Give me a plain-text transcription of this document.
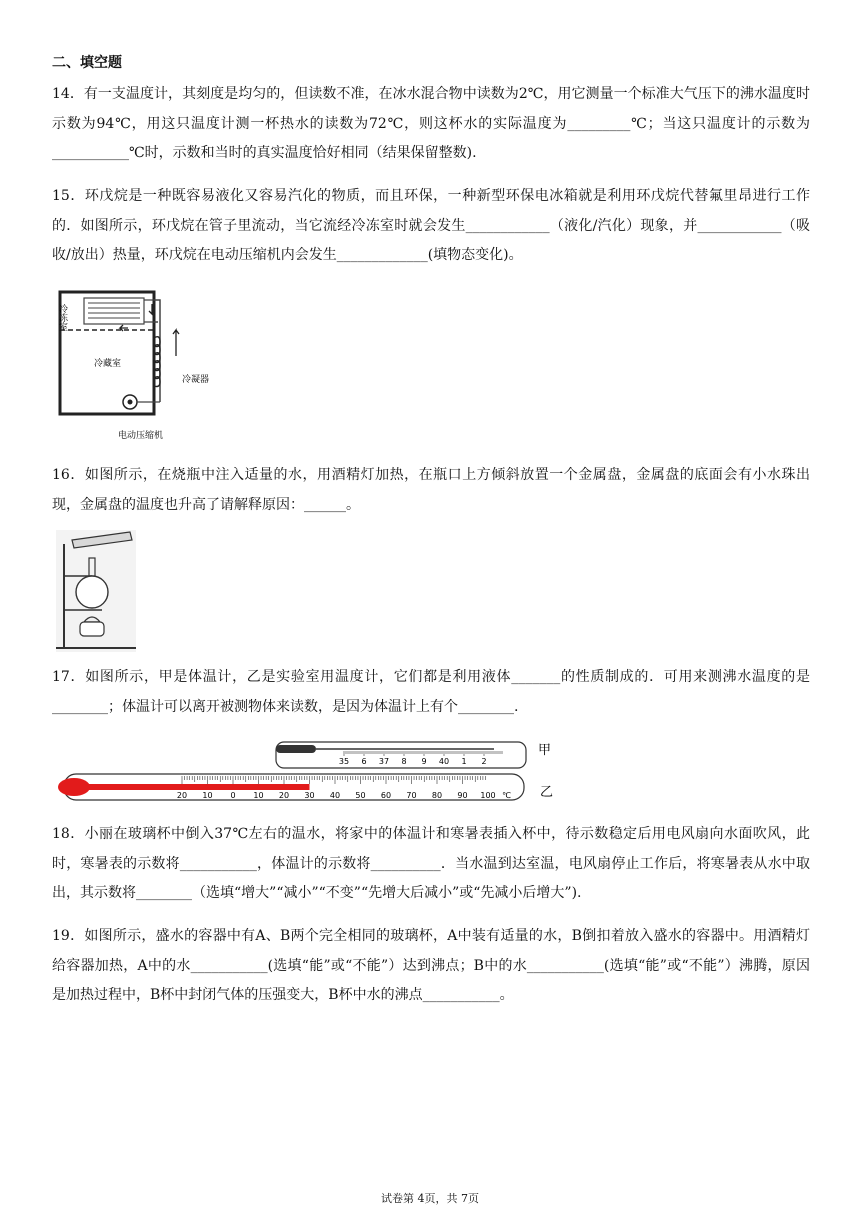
二、填空题
14．有一支温度计，其刻度是均匀的，但读数不准，在冰水混合物中读数为2℃，用它测量一个标准大气压下的沸水温度时示数为94℃，用这只温度计测一杯热水的读数为72℃，则这杯水的实际温度为_________℃；当这只温度计的示数为___________℃时，示数和当时的真实温度恰好相同（结果保留整数).
15．环戊烷是一种既容易液化又容易汽化的物质，而且环保，一种新型环保电冰箱就是利用环戊烷代替氟里昂进行工作的．如图所示，环戊烷在管子里流动，当它流经冷冻室时就会发生____________（液化/汽化）现象，并____________（吸收/放出）热量，环戊烷在电动压缩机内会发生_____________(填物态变化)。
冷冻室
冷藏室
冷凝器
电动压缩机
16．如图所示，在烧瓶中注入适量的水，用酒精灯加热，在瓶口上方倾斜放置一个金属盘，金属盘的底面会有小水珠出现，金属盘的温度也升高了请解释原因：______。
17．如图所示，甲是体温计，乙是实验室用温度计，它们都是利用液体_______的性质制成的．可用来测沸水温度的是________；体温计可以离开被测物体来读数，是因为体温计上有个________.
35 6 37 8 9 40 1 2
甲
20 10 0 10 20 30 40 50 60 70 80 90 100 ℃ 乙
18．小丽在玻璃杯中倒入37℃左右的温水，将家中的体温计和寒暑表插入杯中，待示数稳定后用电风扇向水面吹风，此时，寒暑表的示数将___________，体温计的示数将__________．当水温到达室温，电风扇停止工作后，将寒暑表从水中取出，其示数将________（选填“增大”“减小”“不变”“先增大后减小”或“先减小后增大”).
19．如图所示，盛水的容器中有A、B两个完全相同的玻璃杯，A中装有适量的水，B倒扣着放入盛水的容器中。用酒精灯给容器加热，A中的水___________(选填“能”或“不能”）达到沸点；B中的水___________(选填“能”或“不能”）沸腾，原因是加热过程中，B杯中封闭气体的压强变大，B杯中水的沸点___________。
试卷第 4页，共 7页
